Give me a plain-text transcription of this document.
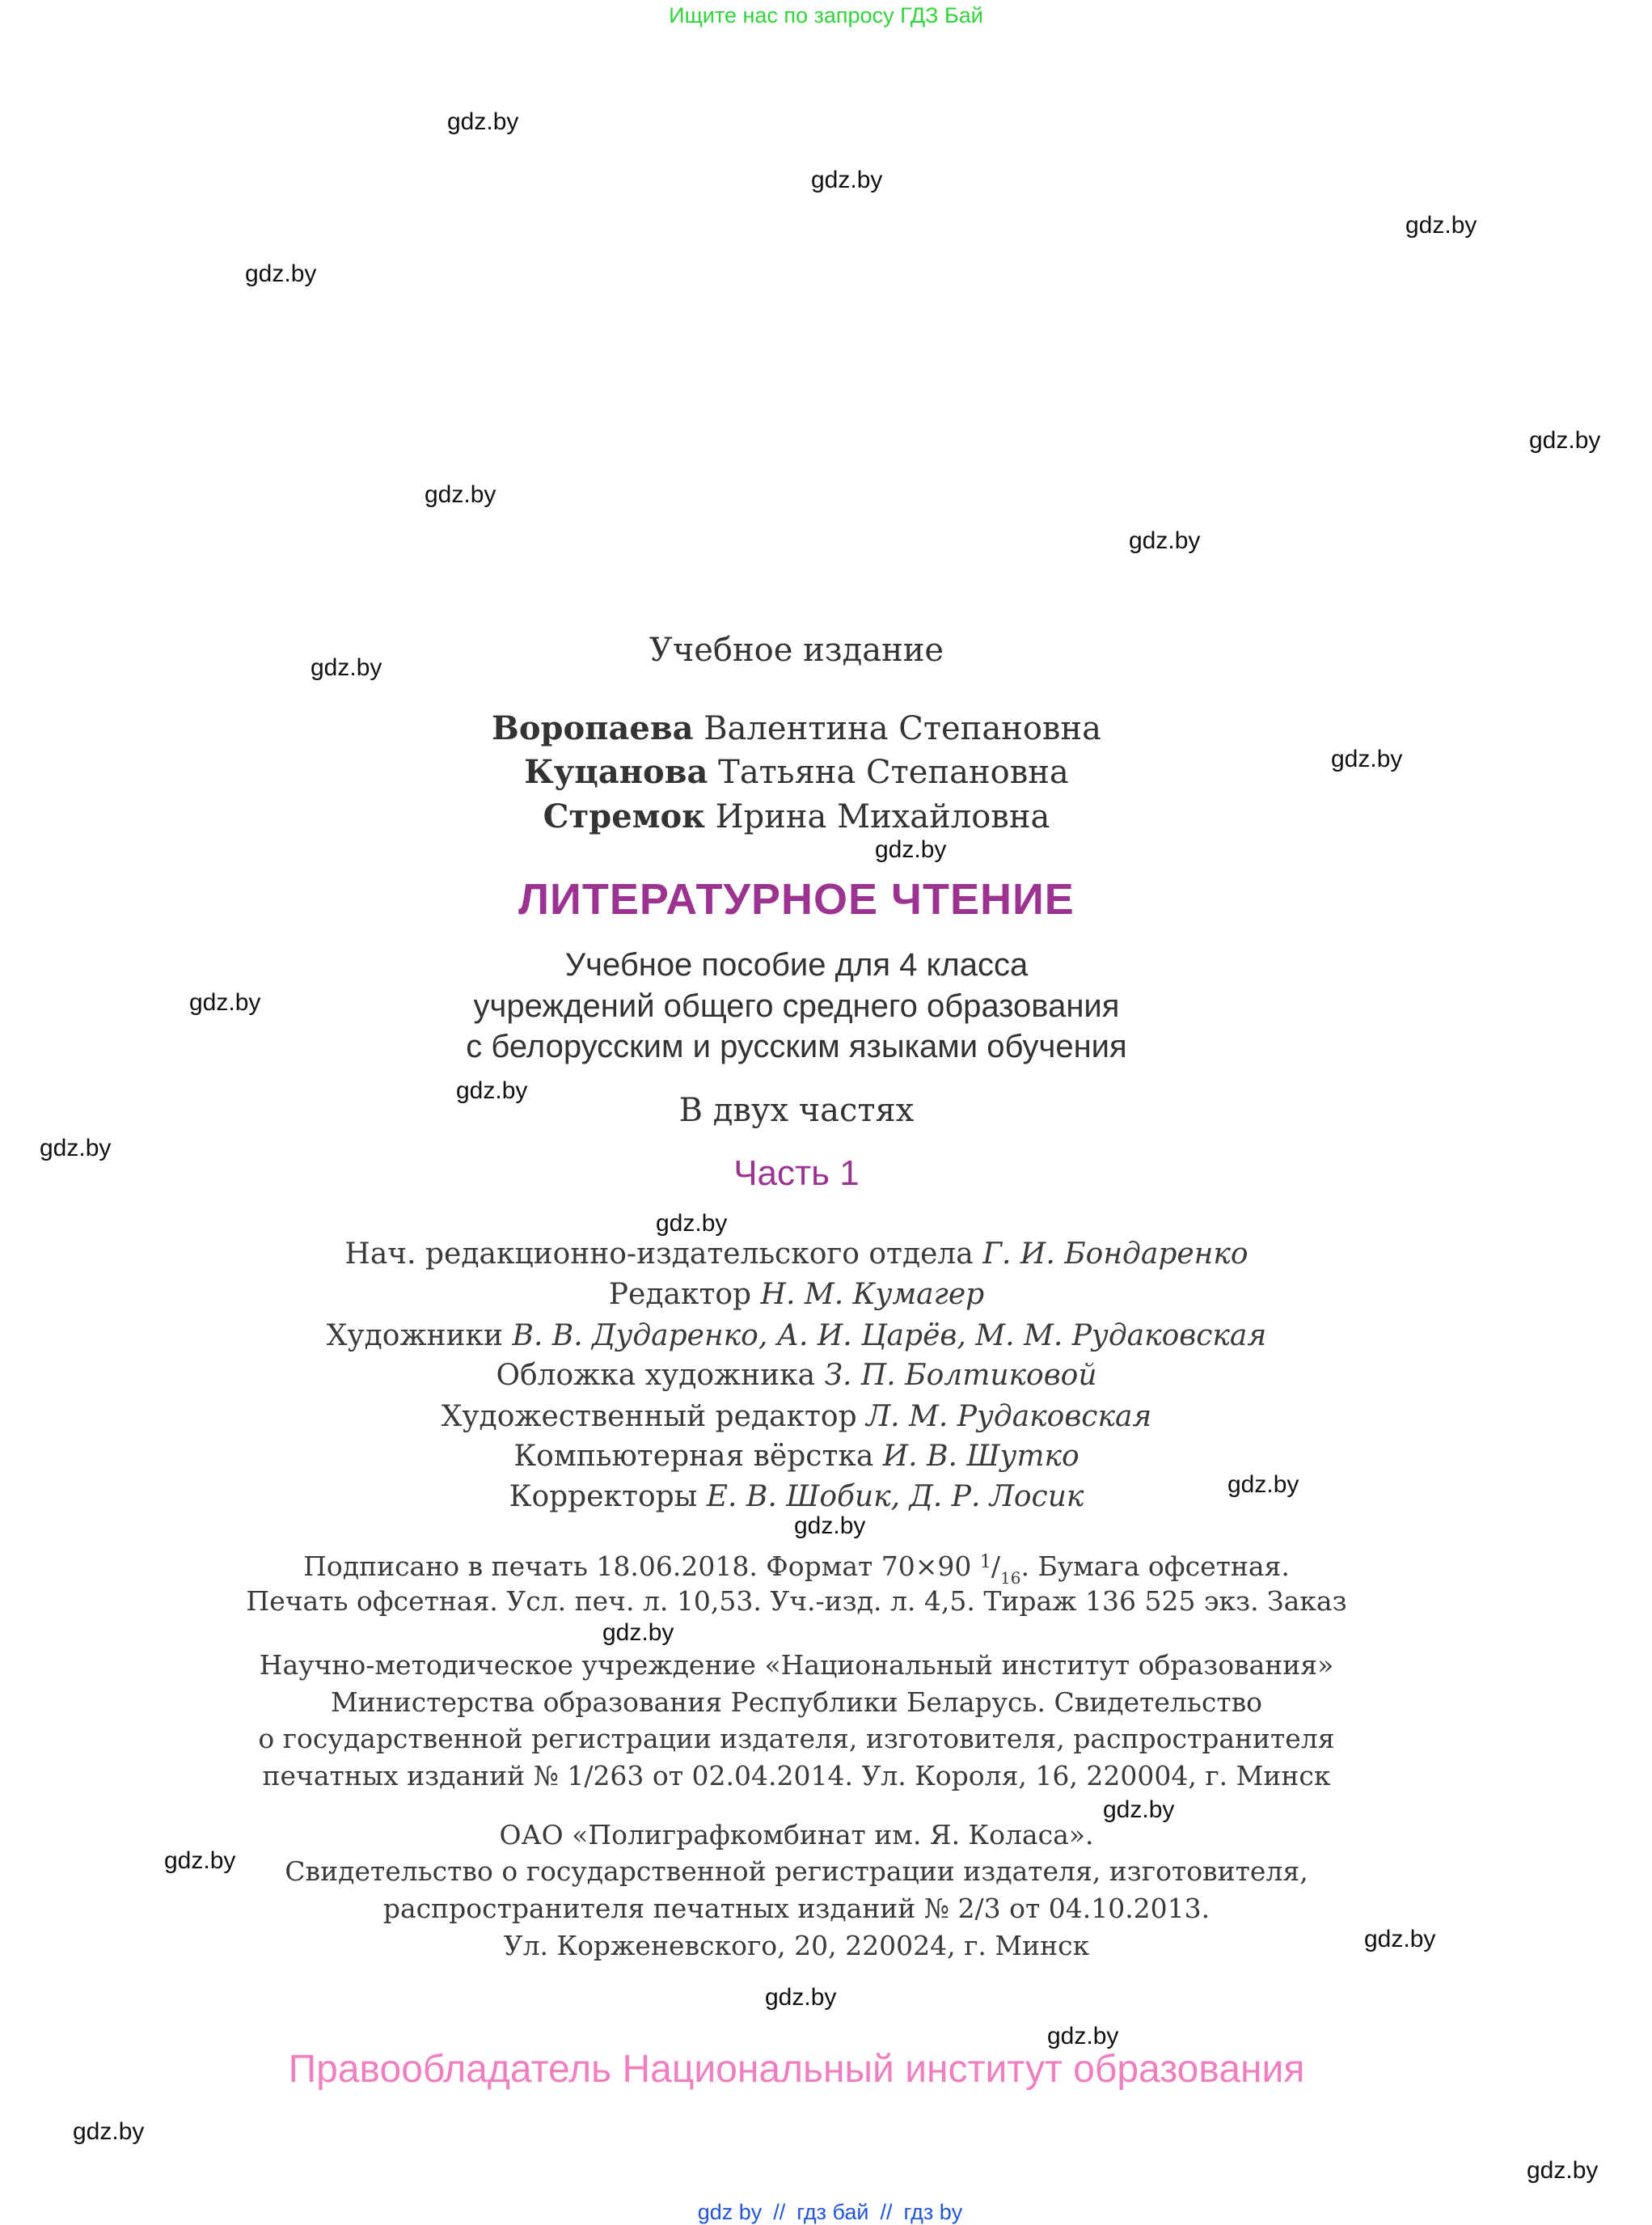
Ищите нас по запросу ГДЗ Бай
Учебное издание
Воропаева Валентина Степановна
Куцанова Татьяна Степановна
Стремок Ирина Михайловна
ЛИТЕРАТУРНОЕ ЧТЕНИЕ
Учебное пособие для 4 класса
учреждений общего среднего образования
с белорусским и русским языками обучения
В двух частях
Часть 1
Нач. редакционно-издательского отдела Г. И. Бондаренко
Редактор Н. М. Кумагер
Художники В. В. Дударенко, А. И. Царёв, М. М. Рудаковская
Обложка художника З. П. Болтиковой
Художественный редактор Л. М. Рудаковская
Компьютерная вёрстка И. В. Шутко
Корректоры Е. В. Шобик, Д. Р. Лосик
Подписано в печать 18.06.2018. Формат 70×90 $^1/_{16}$. Бумага офсетная.
Печать офсетная. Усл. печ. л. 10,53. Уч.-изд. л. 4,5. Тираж 136 525 экз. Заказ
Научно-методическое учреждение «Национальный институт образования»
Министерства образования Республики Беларусь. Свидетельство
о государственной регистрации издателя, изготовителя, распространителя
печатных изданий № 1/263 от 02.04.2014. Ул. Короля, 16, 220004, г. Минск
ОАО «Полиграфкомбинат им. Я. Коласа».
Свидетельство о государственной регистрации издателя, изготовителя,
распространителя печатных изданий № 2/3 от 04.10.2013.
Ул. Корженевского, 20, 220024, г. Минск
Правообладатель Национальный институт образования
gdz by // гдз бай // гдз by
gdz.by
gdz.by
gdz.by
gdz.by
gdz.by
gdz.by
gdz.by
gdz.by
gdz.by
gdz.by
gdz.by
gdz.by
gdz.by
gdz.by
gdz.by
gdz.by
gdz.by
gdz.by
gdz.by
gdz.by
gdz.by
gdz.by
gdz.by
gdz.by
